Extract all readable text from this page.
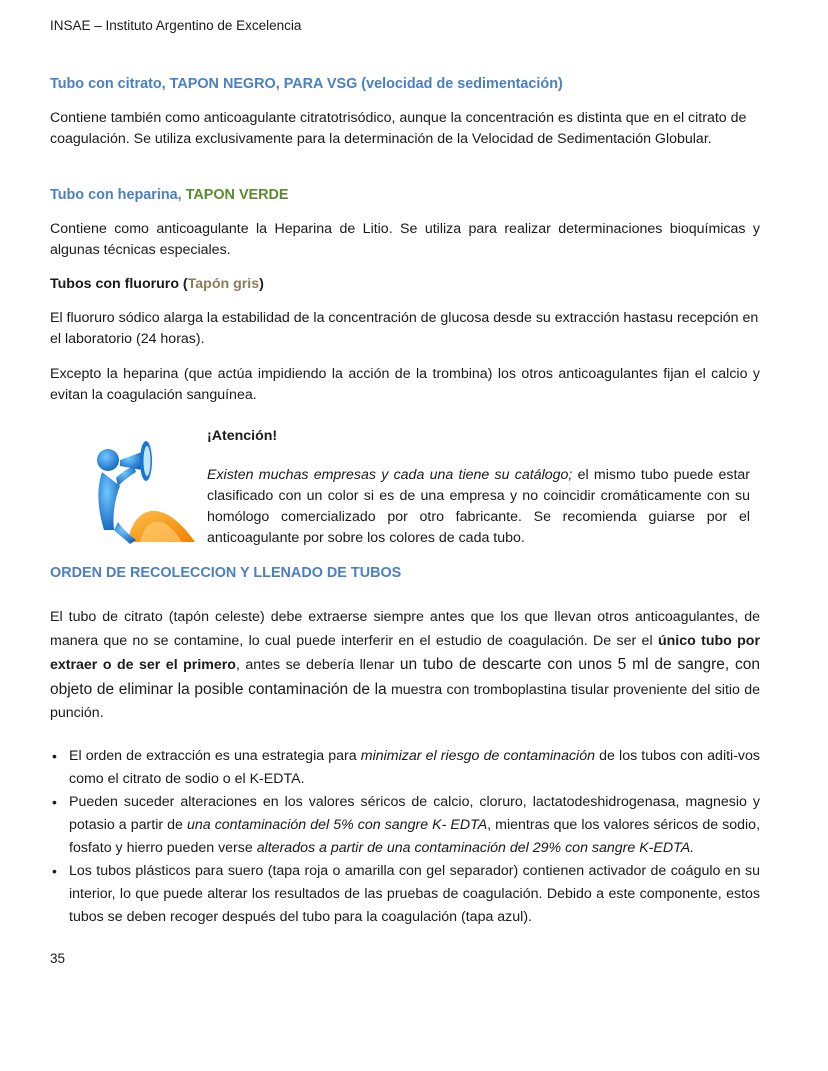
INSAE – Instituto Argentino de Excelencia
Tubo con citrato, TAPON NEGRO, PARA VSG (velocidad de sedimentación)

Contiene también como anticoagulante citratotrisódico, aunque la concentración es distinta que en el citrato de coagulación. Se utiliza exclusivamente para la determinación de la Velocidad de Sedimentación Globular.

Tubo con heparina, TAPON VERDE

Contiene como anticoagulante la Heparina de Litio. Se utiliza para realizar determinaciones bioquímicas y algunas técnicas especiales.

Tubos con fluoruro (Tapón gris)

El fluoruro sódico alarga la estabilidad de la concentración de glucosa desde su extracción hastasu recepción en el laboratorio (24 horas).

Excepto la heparina (que actúa impidiendo la acción de la trombina) los otros anticoagulantes fijan el calcio y evitan la coagulación sanguínea.

¡Atención!

Existen muchas empresas y cada una tiene su catálogo; el mismo tubo puede estar clasificado con un color si es de una empresa y no coincidir cromáticamente con su homólogo comercializado por otro fabricante. Se recomienda guiarse por el anticoagulante por sobre los colores de cada tubo.

ORDEN DE RECOLECCION Y LLENADO DE TUBOS

El tubo de citrato (tapón celeste) debe extraerse siempre antes que los que llevan otros anticoagulantes, de manera que no se contamine, lo cual puede interferir en el estudio de coagulación. De ser el único tubo por extraer o de ser el primero, antes se debería llenar un tubo de descarte con unos 5 ml de sangre, con objeto de eliminar la posible contaminación de la muestra con tromboplastina tisular proveniente del sitio de punción.

• El orden de extracción es una estrategia para minimizar el riesgo de contaminación de los tubos con aditi-vos como el citrato de sodio o el K-EDTA.
• Pueden suceder alteraciones en los valores séricos de calcio, cloruro, lactatodeshidrogenasa, magnesio y potasio a partir de una contaminación del 5% con sangre K- EDTA, mientras que los valores séricos de sodio, fosfato y hierro pueden verse alterados a partir de una contaminación del 29% con sangre K-EDTA.
• Los tubos plásticos para suero (tapa roja o amarilla con gel separador) contienen activador de coágulo en su interior, lo que puede alterar los resultados de las pruebas de coagulación. Debido a este componente, estos tubos se deben recoger después del tubo para la coagulación (tapa azul).
35
